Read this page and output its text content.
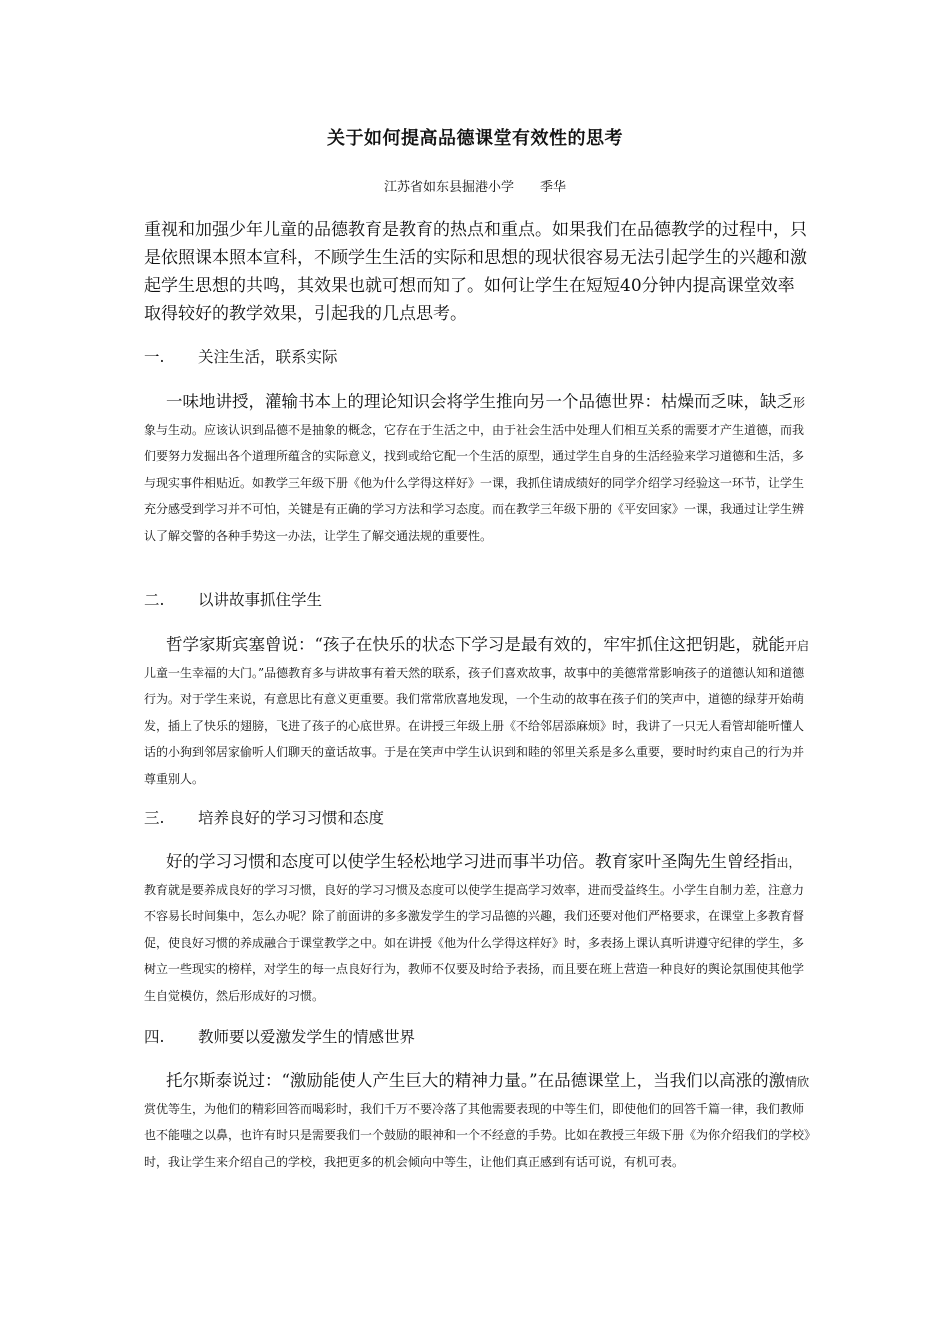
关于如何提高品德课堂有效性的思考
江苏省如东县掘港小学 季华
重视和加强少年儿童的品德教育是教育的热点和重点。如果我们在品德教学的过程中，只是依照课本照本宣科，不顾学生生活的实际和思想的现状很容易无法引起学生的兴趣和激起学生思想的共鸣，其效果也就可想而知了。如何让学生在短短40分钟内提高课堂效率取得较好的教学效果，引起我的几点思考。
一. 关注生活，联系实际
一味地讲授，灌输书本上的理论知识会将学生推向另一个品德世界：枯燥而乏味，缺乏形象与生动。应该认识到品德不是抽象的概念，它存在于生活之中，由于社会生活中处理人们相互关系的需要才产生道德，而我们要努力发掘出各个道理所蕴含的实际意义，找到或给它配一个生活的原型，通过学生自身的生活经验来学习道德和生活，多与现实事件相贴近。如教学三年级下册《他为什么学得这样好》一课，我抓住请成绩好的同学介绍学习经验这一环节，让学生充分感受到学习并不可怕，关键是有正确的学习方法和学习态度。而在教学三年级下册的《平安回家》一课，我通过让学生辨认了解交警的各种手势这一办法，让学生了解交通法规的重要性。
二. 以讲故事抓住学生
哲学家斯宾塞曾说：“孩子在快乐的状态下学习是最有效的，牢牢抓住这把钥匙，就能开启儿童一生幸福的大门。”品德教育多与讲故事有着天然的联系，孩子们喜欢故事，故事中的美德常常影响孩子的道德认知和道德行为。对于学生来说，有意思比有意义更重要。我们常常欣喜地发现，一个生动的故事在孩子们的笑声中，道德的绿芽开始萌发，插上了快乐的翅膀，飞进了孩子的心底世界。在讲授三年级上册《不给邻居添麻烦》时，我讲了一只无人看管却能听懂人话的小狗到邻居家偷听人们聊天的童话故事。于是在笑声中学生认识到和睦的邻里关系是多么重要，要时时约束自己的行为并尊重别人。
三. 培养良好的学习习惯和态度
好的学习习惯和态度可以使学生轻松地学习进而事半功倍。教育家叶圣陶先生曾经指出，教育就是要养成良好的学习习惯，良好的学习习惯及态度可以使学生提高学习效率，进而受益终生。小学生自制力差，注意力不容易长时间集中，怎么办呢？除了前面讲的多多激发学生的学习品德的兴趣，我们还要对他们严格要求，在课堂上多教育督促，使良好习惯的养成融合于课堂教学之中。如在讲授《他为什么学得这样好》时，多表扬上课认真听讲遵守纪律的学生，多树立一些现实的榜样，对学生的每一点良好行为，教师不仅要及时给予表扬，而且要在班上营造一种良好的舆论氛围使其他学生自觉模仿，然后形成好的习惯。
四. 教师要以爱激发学生的情感世界
托尔斯泰说过：“激励能使人产生巨大的精神力量。”在品德课堂上，当我们以高涨的激情欣赏优等生，为他们的精彩回答而喝彩时，我们千万不要冷落了其他需要表现的中等生们，即使他们的回答千篇一律，我们教师也不能嗤之以鼻，也许有时只是需要我们一个鼓励的眼神和一个不经意的手势。比如在教授三年级下册《为你介绍我们的学校》时，我让学生来介绍自己的学校，我把更多的机会倾向中等生，让他们真正感到有话可说，有机可表。
